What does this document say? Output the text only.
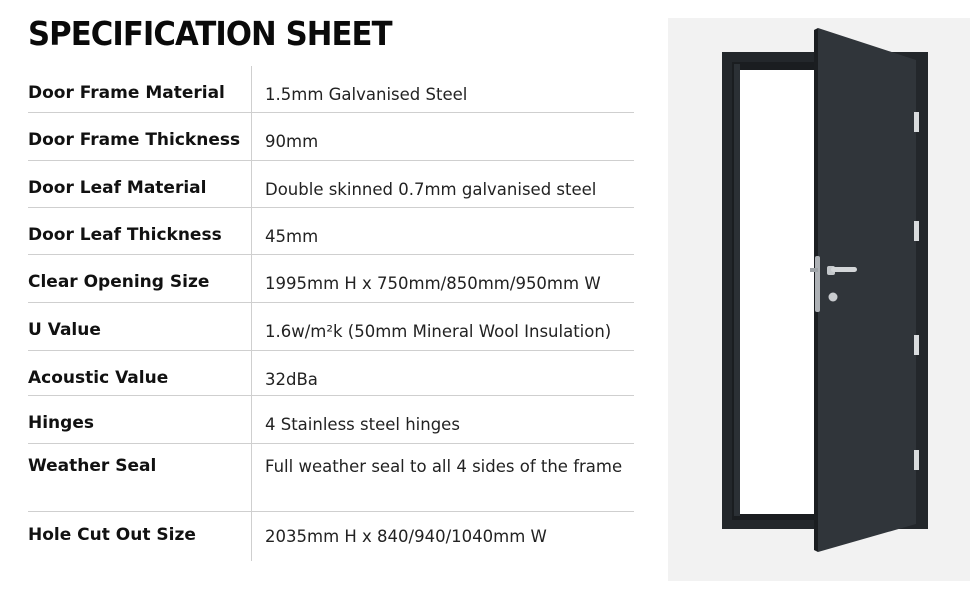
SPECIFICATION SHEET
Door Frame Material	1.5mm Galvanised Steel
Door Frame Thickness	90mm
Door Leaf Material	Double skinned 0.7mm galvanised steel
Door Leaf Thickness	45mm
Clear Opening Size	1995mm H x 750mm/850mm/950mm W
U Value	1.6w/m²k (50mm Mineral Wool Insulation)
Acoustic Value	32dBa
Hinges	4 Stainless steel hinges
Weather Seal	Full weather seal to all 4 sides of the frame
Hole Cut Out Size	2035mm H x 840/940/1040mm W
